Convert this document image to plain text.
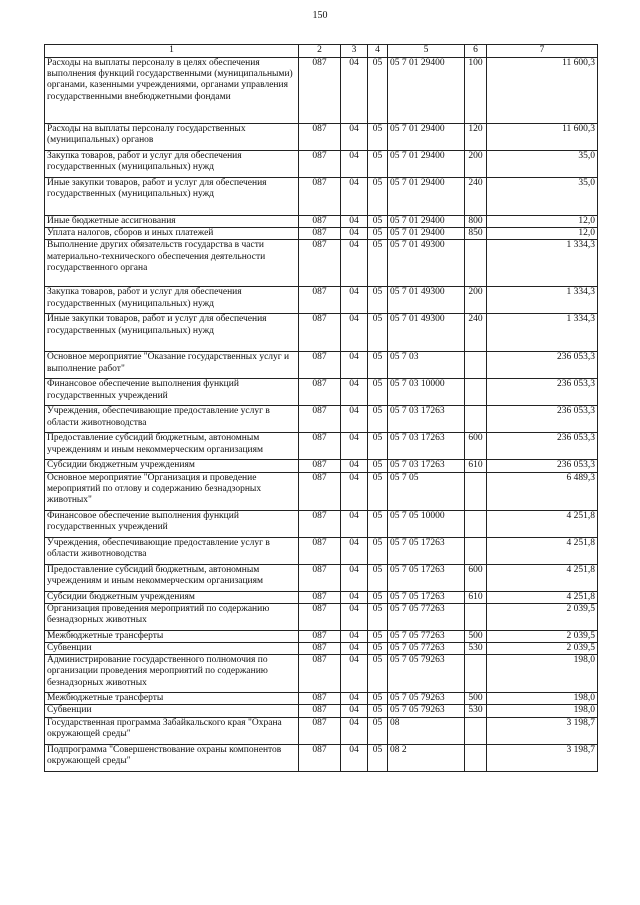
150
1	2	3	4	5	6	7
Расходы на выплаты персоналу в целях обеспечения выполнения функций государственными (муниципальными) органами, казенными учреждениями, органами управления государственными внебюджетными фондами	087	04	05	05 7 01 29400	100	11 600,3
Расходы на выплаты персоналу государственных (муниципальных) органов	087	04	05	05 7 01 29400	120	11 600,3
Закупка товаров, работ и услуг для обеспечения государственных (муниципальных) нужд	087	04	05	05 7 01 29400	200	35,0
Иные закупки товаров, работ и услуг для обеспечения государственных (муниципальных) нужд	087	04	05	05 7 01 29400	240	35,0
Иные бюджетные ассигнования	087	04	05	05 7 01 29400	800	12,0
Уплата налогов, сборов и иных платежей	087	04	05	05 7 01 29400	850	12,0
Выполнение других обязательств государства в части материально-технического обеспечения деятельности государственного органа	087	04	05	05 7 01 49300		1 334,3
Закупка товаров, работ и услуг для обеспечения государственных (муниципальных) нужд	087	04	05	05 7 01 49300	200	1 334,3
Иные закупки товаров, работ и услуг для обеспечения государственных (муниципальных) нужд	087	04	05	05 7 01 49300	240	1 334,3
Основное мероприятие "Оказание государственных услуг и выполнение работ"	087	04	05	05 7 03		236 053,3
Финансовое обеспечение выполнения функций государственных учреждений	087	04	05	05 7 03 10000		236 053,3
Учреждения, обеспечивающие предоставление услуг в области животноводства	087	04	05	05 7 03 17263		236 053,3
Предоставление субсидий бюджетным, автономным учреждениям и иным некоммерческим организациям	087	04	05	05 7 03 17263	600	236 053,3
Субсидии бюджетным учреждениям	087	04	05	05 7 03 17263	610	236 053,3
Основное мероприятие "Организация и проведение мероприятий по отлову и содержанию безнадзорных животных"	087	04	05	05 7 05		6 489,3
Финансовое обеспечение выполнения функций государственных учреждений	087	04	05	05 7 05 10000		4 251,8
Учреждения, обеспечивающие предоставление услуг в области животноводства	087	04	05	05 7 05 17263		4 251,8
Предоставление субсидий бюджетным, автономным учреждениям и иным некоммерческим организациям	087	04	05	05 7 05 17263	600	4 251,8
Субсидии бюджетным учреждениям	087	04	05	05 7 05 17263	610	4 251,8
Организация проведения мероприятий по содержанию безнадзорных животных	087	04	05	05 7 05 77263		2 039,5
Межбюджетные трансферты	087	04	05	05 7 05 77263	500	2 039,5
Субвенции	087	04	05	05 7 05 77263	530	2 039,5
Администрирование государственного полномочия по организации проведения мероприятий по содержанию безнадзорных животных	087	04	05	05 7 05 79263		198,0
Межбюджетные трансферты	087	04	05	05 7 05 79263	500	198,0
Субвенции	087	04	05	05 7 05 79263	530	198,0
Государственная программа Забайкальского края "Охрана окружающей среды"	087	04	05	08		3 198,7
Подпрограмма "Совершенствование охраны компонентов окружающей среды"	087	04	05	08 2		3 198,7
